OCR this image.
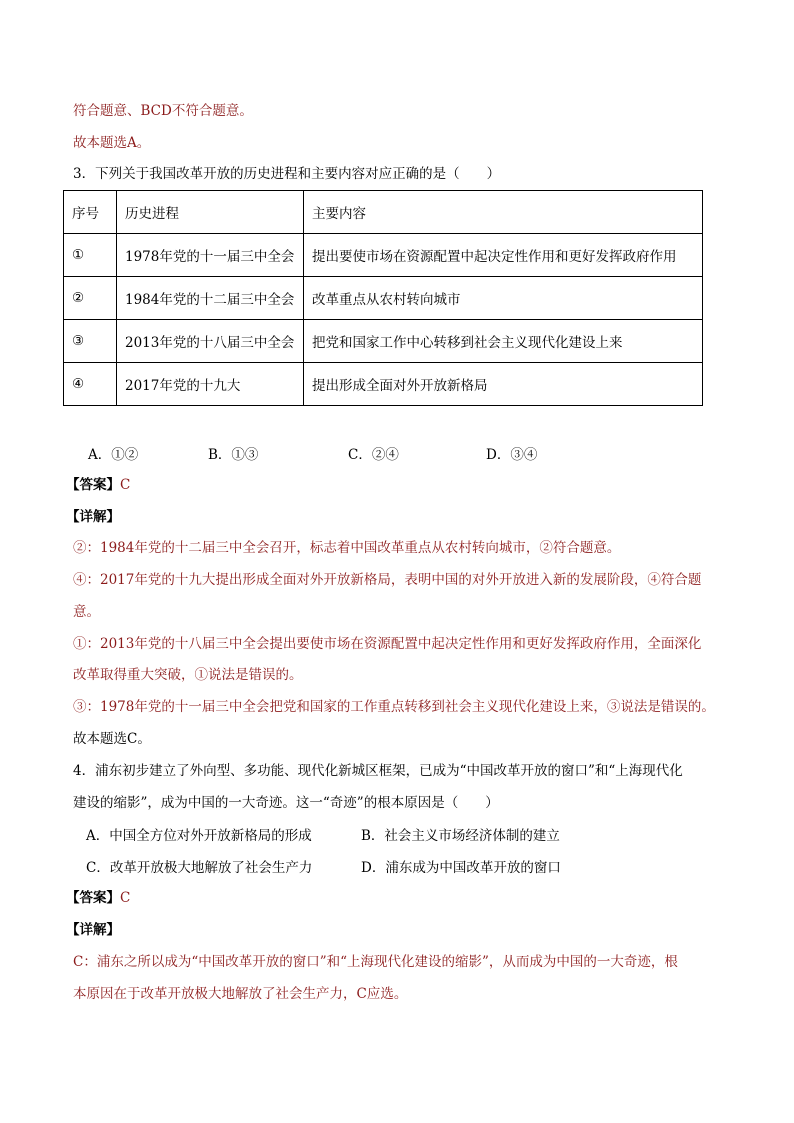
符合题意、BCD不符合题意。
故本题选A。
3．下列关于我国改革开放的历史进程和主要内容对应正确的是（　　）
序号	历史进程	主要内容
①	1978年党的十一届三中全会	提出要使市场在资源配置中起决定性作用和更好发挥政府作用
②	1984年党的十二届三中全会	改革重点从农村转向城市
③	2013年党的十八届三中全会	把党和国家工作中心转移到社会主义现代化建设上来
④	2017年党的十九大	提出形成全面对外开放新格局
A．①②	B．①③	C．②④	D．③④
【答案】C
【详解】
②：1984年党的十二届三中全会召开，标志着中国改革重点从农村转向城市，②符合题意。
④：2017年党的十九大提出形成全面对外开放新格局，表明中国的对外开放进入新的发展阶段，④符合题
意。
①：2013年党的十八届三中全会提出要使市场在资源配置中起决定性作用和更好发挥政府作用，全面深化
改革取得重大突破，①说法是错误的。
③：1978年党的十一届三中全会把党和国家的工作重点转移到社会主义现代化建设上来，③说法是错误的。
故本题选C。
4．浦东初步建立了外向型、多功能、现代化新城区框架，已成为“中国改革开放的窗口”和“上海现代化
建设的缩影”，成为中国的一大奇迹。这一“奇迹”的根本原因是（　　）
A．中国全方位对外开放新格局的形成	B．社会主义市场经济体制的建立
C．改革开放极大地解放了社会生产力	D．浦东成为中国改革开放的窗口
【答案】C
【详解】
C：浦东之所以成为“中国改革开放的窗口”和“上海现代化建设的缩影”，从而成为中国的一大奇迹，根
本原因在于改革开放极大地解放了社会生产力，C应选。
